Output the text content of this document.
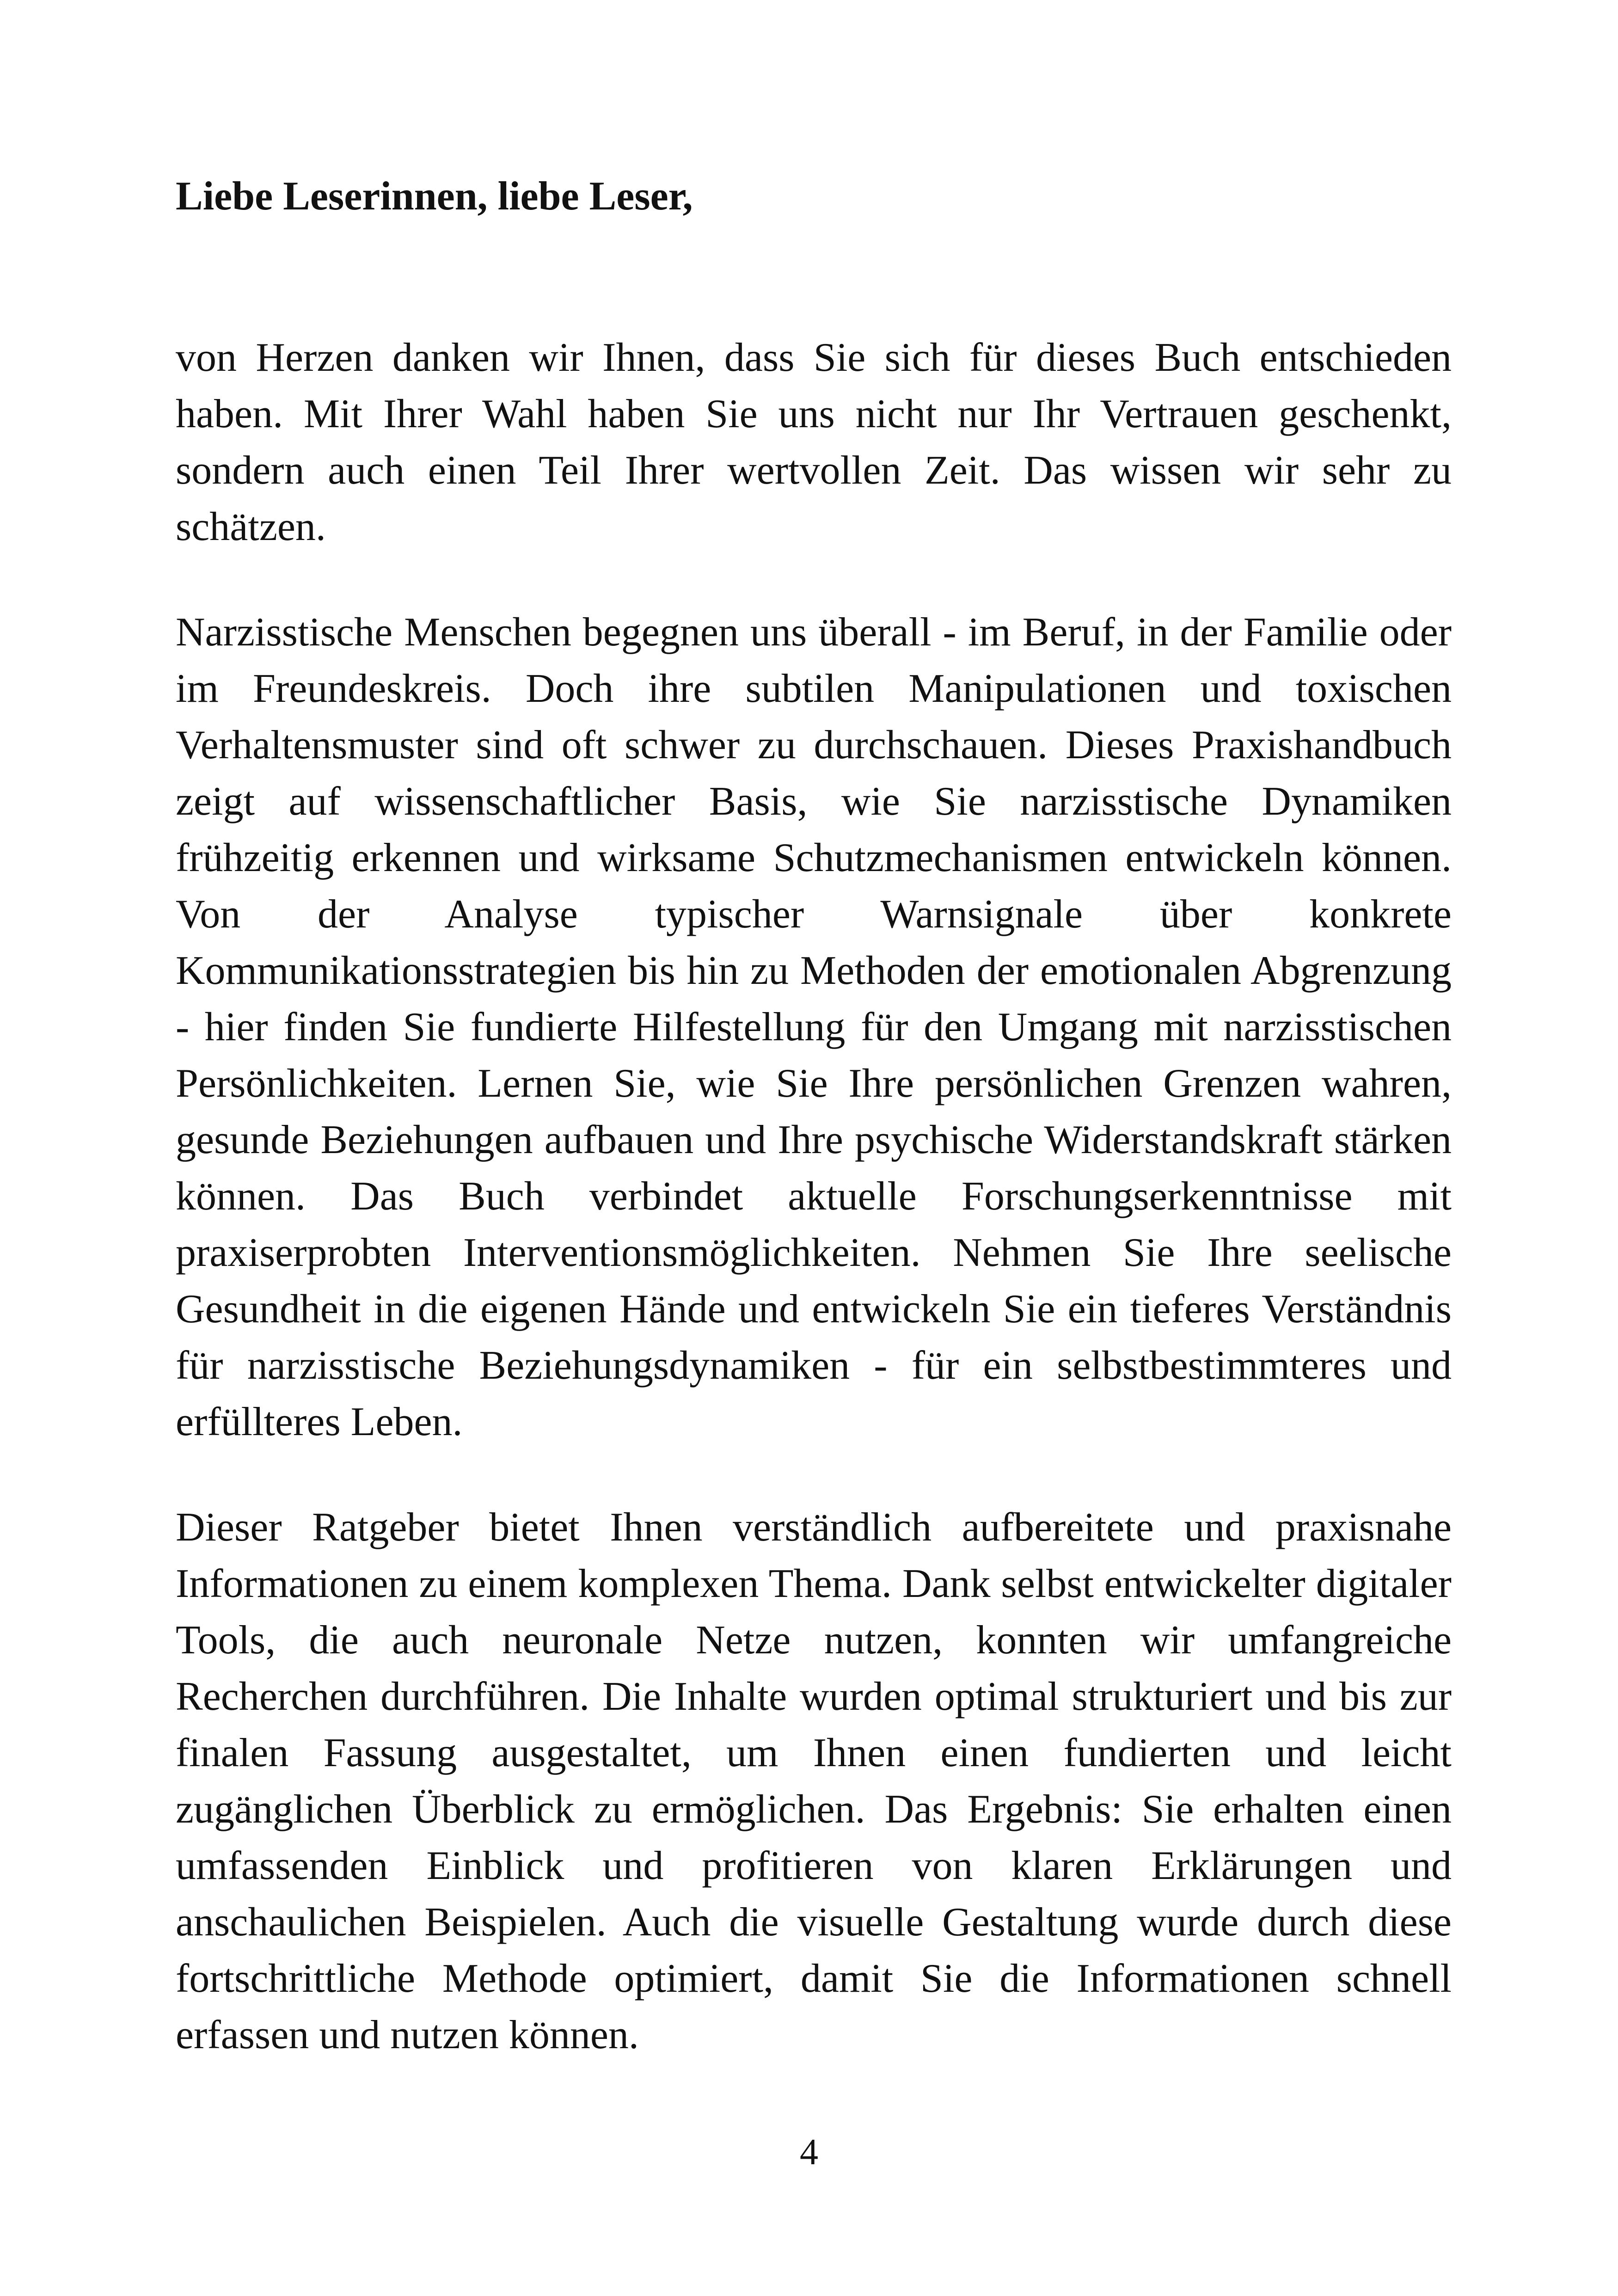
Liebe Leserinnen, liebe Leser,

von Herzen danken wir Ihnen, dass Sie sich für dieses Buch entschieden haben. Mit Ihrer Wahl haben Sie uns nicht nur Ihr Vertrauen geschenkt, sondern auch einen Teil Ihrer wertvollen Zeit. Das wissen wir sehr zu schätzen.

Narzisstische Menschen begegnen uns überall - im Beruf, in der Familie oder im Freundeskreis. Doch ihre subtilen Manipulationen und toxischen Verhaltensmuster sind oft schwer zu durchschauen. Dieses Praxishandbuch zeigt auf wissenschaftlicher Basis, wie Sie narzisstische Dynamiken frühzeitig erkennen und wirksame Schutzmechanismen entwickeln können. Von der Analyse typischer Warnsignale über konkrete Kommunikationsstrategien bis hin zu Methoden der emotionalen Abgrenzung - hier finden Sie fundierte Hilfestellung für den Umgang mit narzisstischen Persönlichkeiten. Lernen Sie, wie Sie Ihre persönlichen Grenzen wahren, gesunde Beziehungen aufbauen und Ihre psychische Widerstandskraft stärken können. Das Buch verbindet aktuelle Forschungserkenntnisse mit praxiserprobten Interventionsmöglichkeiten. Nehmen Sie Ihre seelische Gesundheit in die eigenen Hände und entwickeln Sie ein tieferes Verständnis für narzisstische Beziehungsdynamiken - für ein selbstbestimmteres und erfüllteres Leben.

Dieser Ratgeber bietet Ihnen verständlich aufbereitete und praxisnahe Informationen zu einem komplexen Thema. Dank selbst entwickelter digitaler Tools, die auch neuronale Netze nutzen, konnten wir umfangreiche Recherchen durchführen. Die Inhalte wurden optimal strukturiert und bis zur finalen Fassung ausgestaltet, um Ihnen einen fundierten und leicht zugänglichen Überblick zu ermöglichen. Das Ergebnis: Sie erhalten einen umfassenden Einblick und profitieren von klaren Erklärungen und anschaulichen Beispielen. Auch die visuelle Gestaltung wurde durch diese fortschrittliche Methode optimiert, damit Sie die Informationen schnell erfassen und nutzen können.

4
